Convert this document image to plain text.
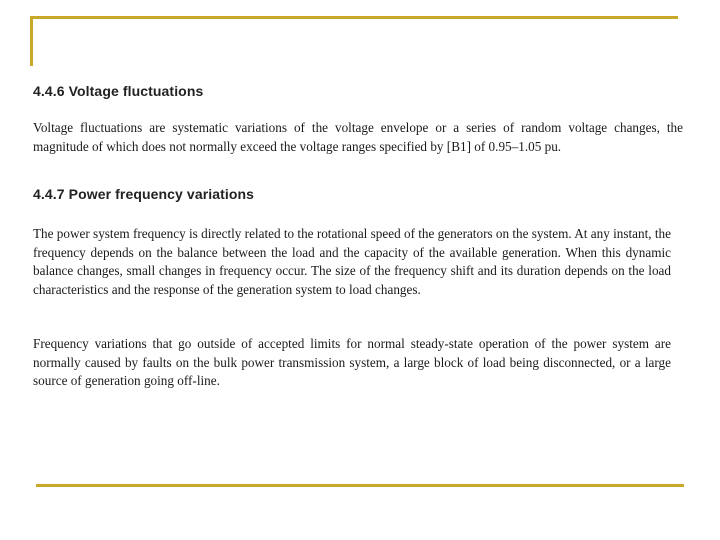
4.4.6 Voltage fluctuations

Voltage fluctuations are systematic variations of the voltage envelope or a series of random voltage changes, the magnitude of which does not normally exceed the voltage ranges specified by [B1] of 0.95–1.05 pu.

4.4.7 Power frequency variations

The power system frequency is directly related to the rotational speed of the generators on the system. At any instant, the frequency depends on the balance between the load and the capacity of the available generation. When this dynamic balance changes, small changes in frequency occur. The size of the frequency shift and its duration depends on the load characteristics and the response of the generation system to load changes.

Frequency variations that go outside of accepted limits for normal steady-state operation of the power system are normally caused by faults on the bulk power transmission system, a large block of load being disconnected, or a large source of generation going off-line.
